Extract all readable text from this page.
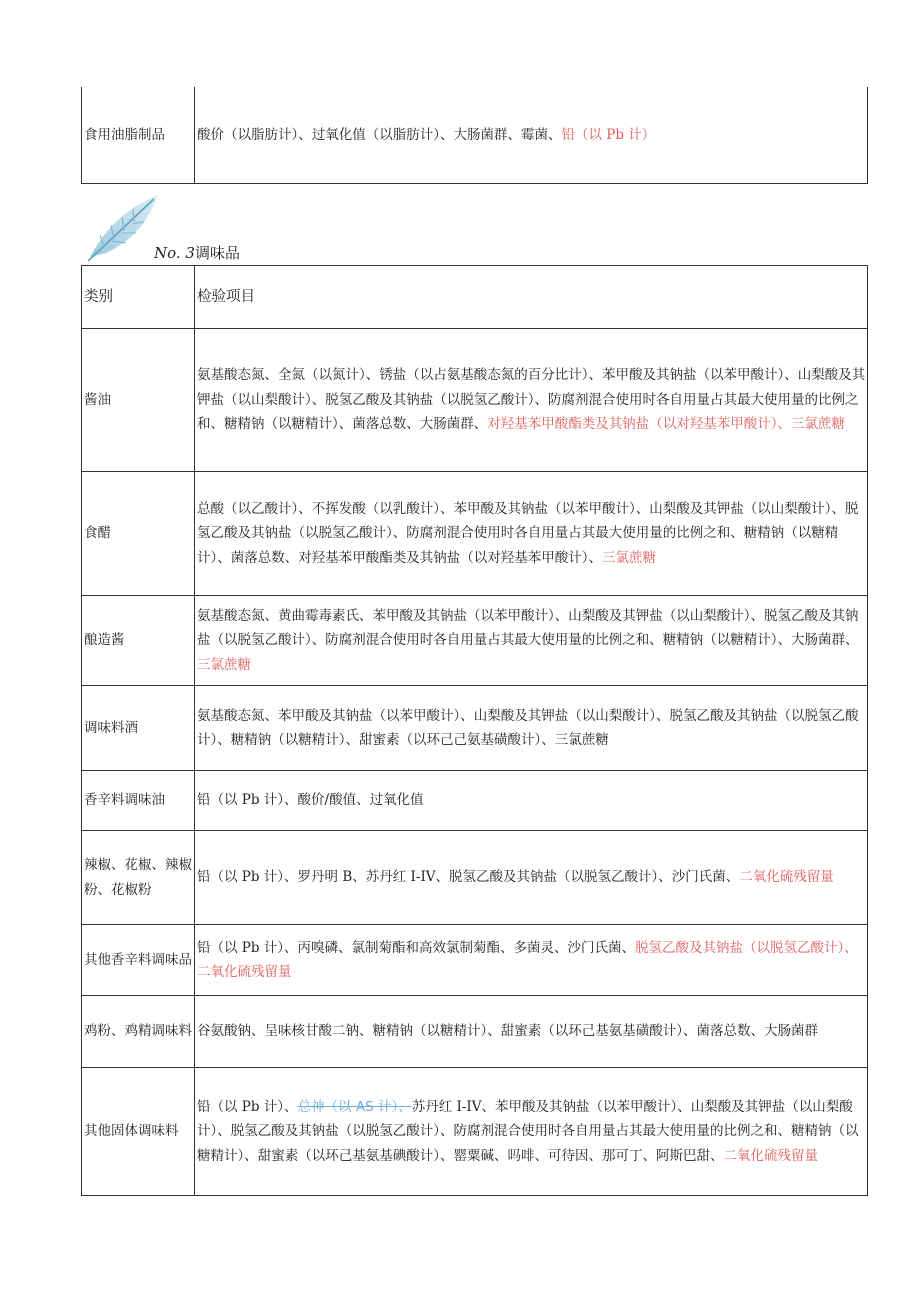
食用油脂制品	酸价（以脂肪计）、过氧化值（以脂肪计）、大肠菌群、霉菌、铅（以 Pb 计）
No. 3调味品
类别	检验项目
酱油	氨基酸态氮、全氮（以氮计）、锈盐（以占氨基酸态氮的百分比计）、苯甲酸及其钠盐（以苯甲酸计）、山梨酸及其钾盐（以山梨酸计）、脱氢乙酸及其钠盐（以脱氢乙酸计）、防腐剂混合使用时各自用量占其最大使用量的比例之和、糖精钠（以糖精计）、菌落总数、大肠菌群、对羟基苯甲酸酯类及其钠盐（以对羟基苯甲酸计）、三氯蔗糖
食醋	总酸（以乙酸计）、不挥发酸（以乳酸计）、苯甲酸及其钠盐（以苯甲酸计）、山梨酸及其钾盐（以山梨酸计）、脱氢乙酸及其钠盐（以脱氢乙酸计）、防腐剂混合使用时各自用量占其最大使用量的比例之和、糖精钠（以糖精计）、菌落总数、对羟基苯甲酸酯类及其钠盐（以对羟基苯甲酸计）、三氯蔗糖
酿造酱	氨基酸态氮、黄曲霉毒素氏、苯甲酸及其钠盐（以苯甲酸计）、山梨酸及其钾盐（以山梨酸计）、脱氢乙酸及其钠盐（以脱氢乙酸计）、防腐剂混合使用时各自用量占其最大使用量的比例之和、糖精钠（以糖精计）、大肠菌群、三氯蔗糖
调味料酒	氨基酸态氮、苯甲酸及其钠盐（以苯甲酸计）、山梨酸及其钾盐（以山梨酸计）、脱氢乙酸及其钠盐（以脱氢乙酸计）、糖精钠（以糖精计）、甜蜜素（以环己己氨基磺酸计）、三氯蔗糖
香辛料调味油	铅（以 Pb 计）、酸价/酸值、过氧化值
辣椒、花椒、辣椒粉、花椒粉	铅（以 Pb 计）、罗丹明 B、苏丹红 I-IV、脱氢乙酸及其钠盐（以脱氢乙酸计）、沙门氏菌、二氧化硫残留量
其他香辛料调味品	铅（以 Pb 计）、丙嗅磷、氯制菊酯和高效氯制菊酯、多菌灵、沙门氏菌、脱氢乙酸及其钠盐（以脱氢乙酸计）、二氧化硫残留量
鸡粉、鸡精调味料	谷氨酸钠、呈味核甘酸二钠、糖精钠（以糖精计）、甜蜜素（以环己基氨基磺酸计）、菌落总数、大肠菌群
其他固体调味料	铅（以 Pb 计）、总神（以 AS 计）、苏丹红 I-IV、苯甲酸及其钠盐（以苯甲酸计）、山梨酸及其钾盐（以山梨酸计）、脱氢乙酸及其钠盐（以脱氢乙酸计）、防腐剂混合使用时各自用量占其最大使用量的比例之和、糖精钠（以糖精计）、甜蜜素（以环己基氨基碘酸计）、罂粟碱、吗啡、可待因、那可丁、阿斯巴甜、二氧化硫残留量
